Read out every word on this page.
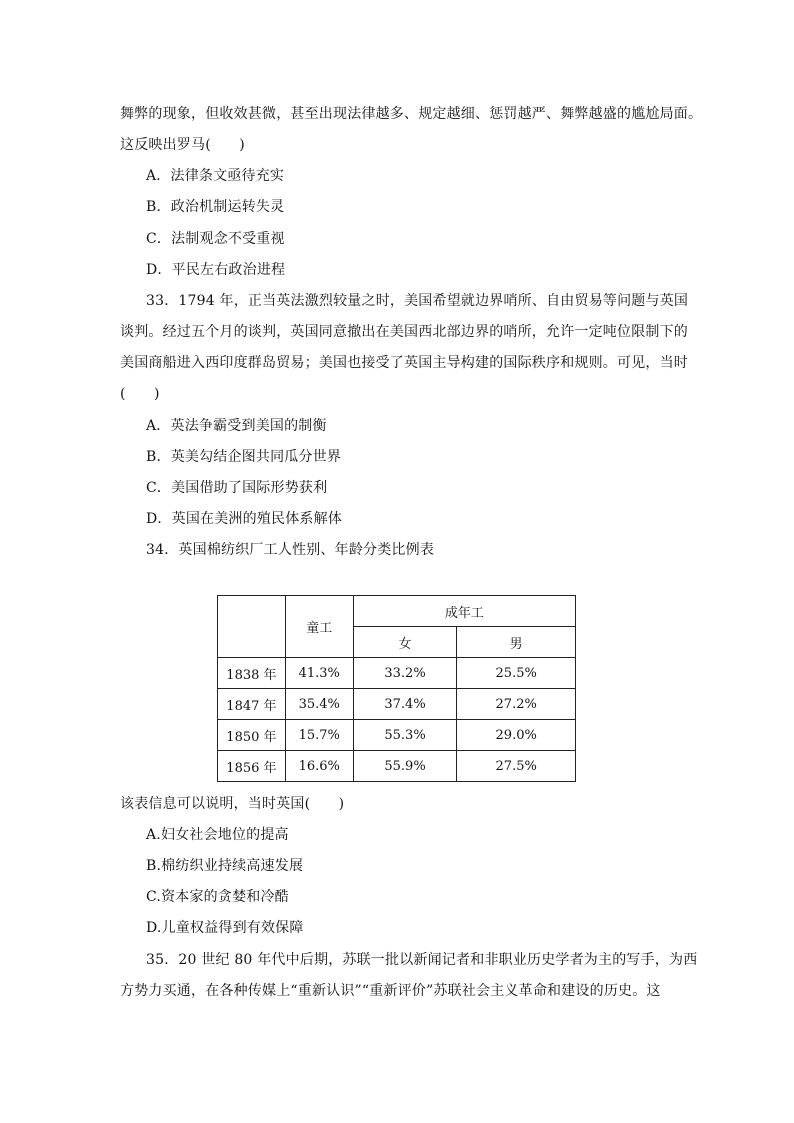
舞弊的现象，但收效甚微，甚至出现法律越多、规定越细、惩罚越严、舞弊越盛的尴尬局面。
这反映出罗马(　　)
A．法律条文亟待充实
B．政治机制运转失灵
C．法制观念不受重视
D．平民左右政治进程
33．1794 年，正当英法激烈较量之时，美国希望就边界哨所、自由贸易等问题与英国
谈判。经过五个月的谈判，英国同意撤出在美国西北部边界的哨所，允许一定吨位限制下的
美国商船进入西印度群岛贸易；美国也接受了英国主导构建的国际秩序和规则。可见，当时
(　　)
A．英法争霸受到美国的制衡
B．英美勾结企图共同瓜分世界
C．美国借助了国际形势获利
D．英国在美洲的殖民体系解体
34．英国棉纺织厂工人性别、年龄分类比例表
	童工	成年工	
		女	男
1838 年	41.3%	33.2%	25.5%
1847 年	35.4%	37.4%	27.2%
1850 年	15.7%	55.3%	29.0%
1856 年	16.6%	55.9%	27.5%
该表信息可以说明，当时英国(　　)
A.妇女社会地位的提高
B.棉纺织业持续高速发展
C.资本家的贪婪和冷酷
D.儿童权益得到有效保障
35．20 世纪 80 年代中后期，苏联一批以新闻记者和非职业历史学者为主的写手，为西
方势力买通，在各种传媒上“重新认识”“重新评价”苏联社会主义革命和建设的历史。这
